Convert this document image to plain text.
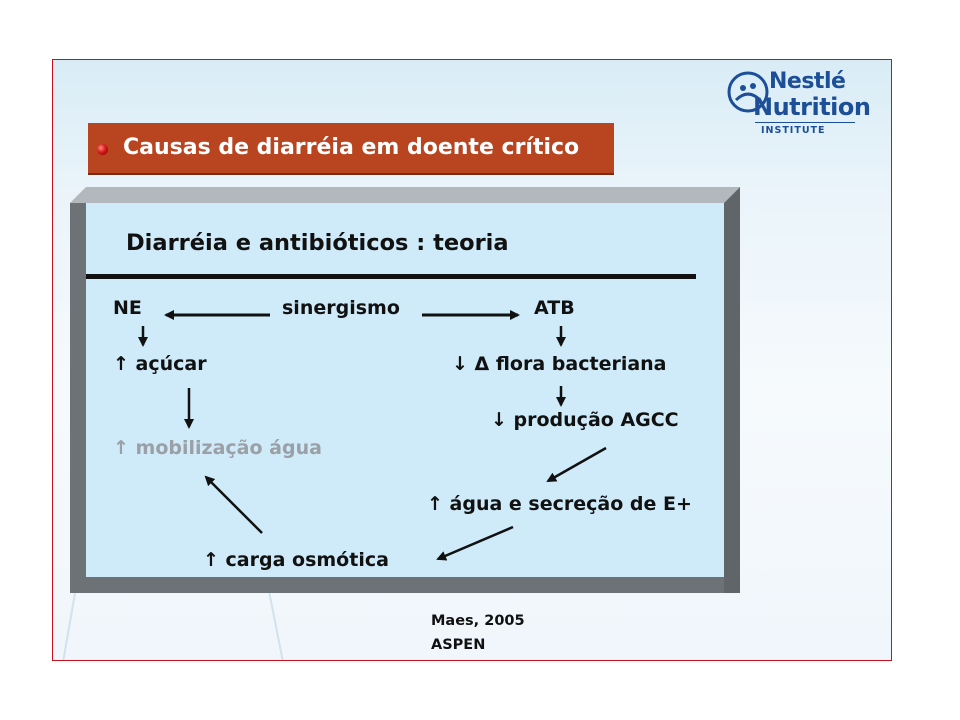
Nestlé
Nutrition
INSTITUTE
Causas de diarréia em doente crítico
Diarréia e antibióticos : teoria
NE	sinergismo	ATB
↑ açúcar	↓ Δ flora bacteriana
↓ produção AGCC
↑ mobilização água
↑ água e secreção de E+
↑ carga osmótica
Maes, 2005
ASPEN
